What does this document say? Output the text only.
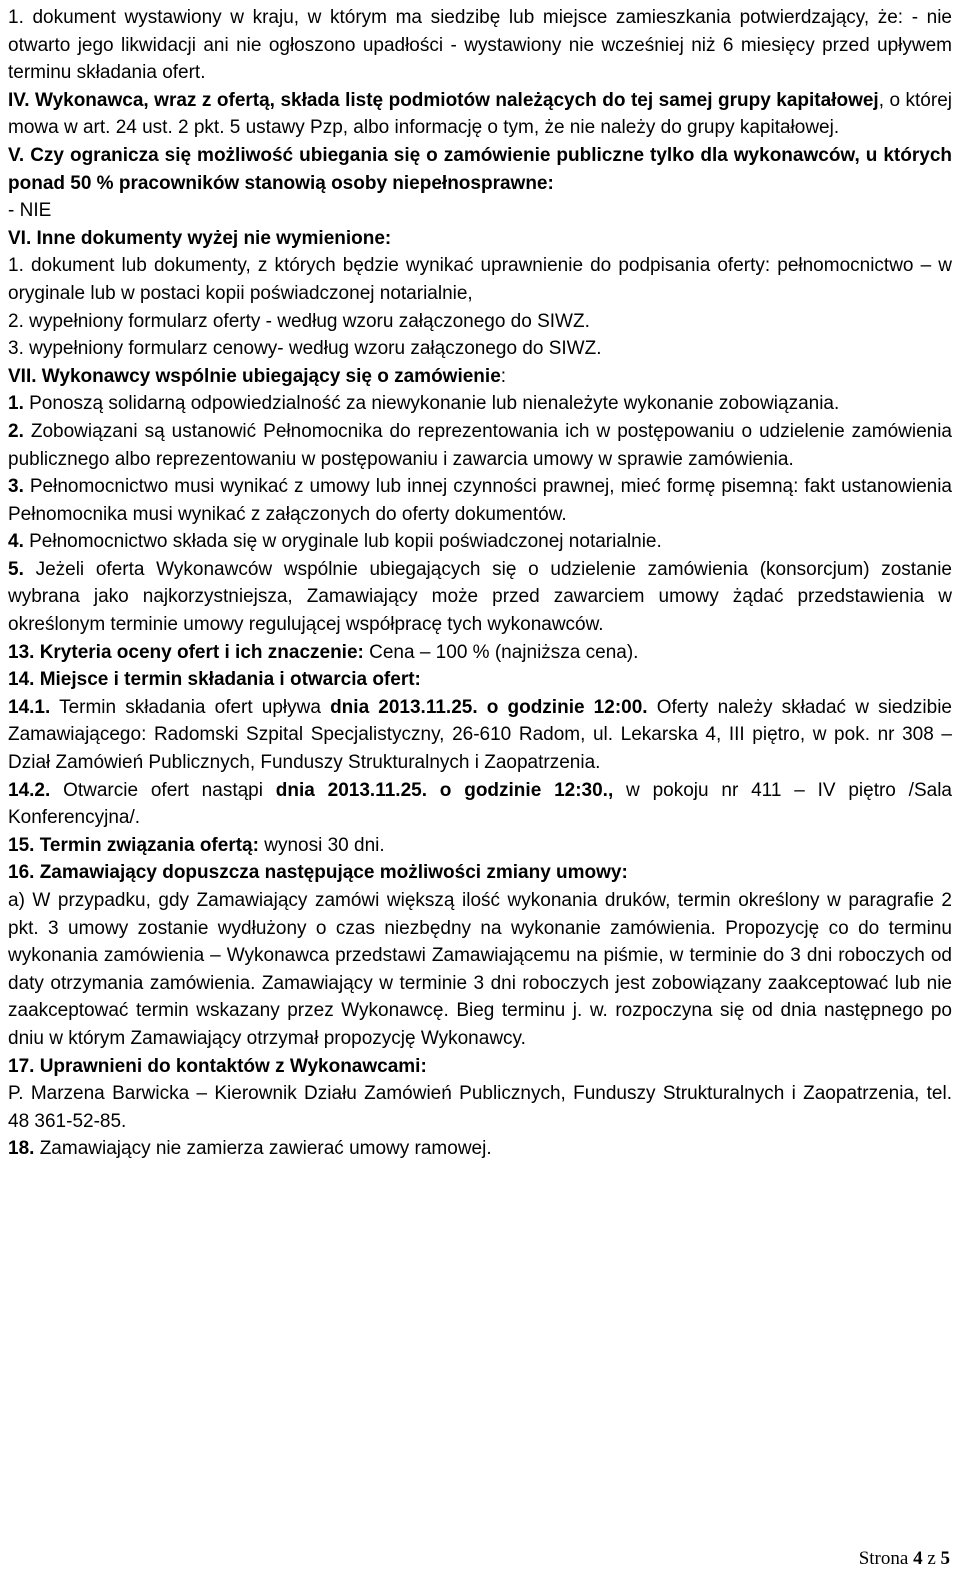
1. dokument wystawiony w kraju, w którym ma siedzibę lub miejsce zamieszkania potwierdzający, że: - nie otwarto jego likwidacji ani nie ogłoszono upadłości - wystawiony nie wcześniej niż 6 miesięcy przed upływem terminu składania ofert.

IV. Wykonawca, wraz z ofertą, składa listę podmiotów należących do tej samej grupy kapitałowej, o której mowa w art. 24 ust. 2 pkt. 5 ustawy Pzp, albo informację o tym, że nie należy do grupy kapitałowej.

V. Czy ogranicza się możliwość ubiegania się o zamówienie publiczne tylko dla wykonawców, u których ponad 50 % pracowników stanowią osoby niepełnosprawne:

- NIE

VI. Inne dokumenty wyżej nie wymienione:

1. dokument lub dokumenty, z których będzie wynikać uprawnienie do podpisania oferty: pełnomocnictwo – w oryginale lub w postaci kopii poświadczonej notarialnie,

2. wypełniony formularz oferty - według wzoru załączonego do SIWZ.

3. wypełniony formularz cenowy- według wzoru załączonego do SIWZ.

VII. Wykonawcy wspólnie ubiegający się o zamówienie:

1. Ponoszą solidarną odpowiedzialność za niewykonanie lub nienależyte wykonanie zobowiązania.

2. Zobowiązani są ustanowić Pełnomocnika do reprezentowania ich w postępowaniu o udzielenie zamówienia publicznego albo reprezentowaniu w postępowaniu i zawarcia umowy w sprawie zamówienia.

3. Pełnomocnictwo musi wynikać z umowy lub innej czynności prawnej, mieć formę pisemną: fakt ustanowienia Pełnomocnika musi wynikać z załączonych do oferty dokumentów.

4. Pełnomocnictwo składa się w oryginale lub kopii poświadczonej notarialnie.

5. Jeżeli oferta Wykonawców wspólnie ubiegających się o udzielenie zamówienia (konsorcjum) zostanie wybrana jako najkorzystniejsza, Zamawiający może przed zawarciem umowy żądać przedstawienia w określonym terminie umowy regulującej współpracę tych wykonawców.

13. Kryteria oceny ofert i ich znaczenie: Cena – 100 % (najniższa cena).

14. Miejsce i termin składania i otwarcia ofert:

14.1. Termin składania ofert upływa dnia 2013.11.25. o godzinie 12:00. Oferty należy składać w siedzibie Zamawiającego: Radomski Szpital Specjalistyczny, 26-610 Radom, ul. Lekarska 4, III piętro, w pok. nr 308 – Dział Zamówień Publicznych, Funduszy Strukturalnych i Zaopatrzenia.

14.2. Otwarcie ofert nastąpi dnia 2013.11.25. o godzinie 12:30., w pokoju nr 411 – IV piętro /Sala Konferencyjna/.

15. Termin związania ofertą: wynosi 30 dni.

16. Zamawiający dopuszcza następujące możliwości zmiany umowy:

a) W przypadku, gdy Zamawiający zamówi większą ilość wykonania druków, termin określony w paragrafie 2 pkt. 3 umowy zostanie wydłużony o czas niezbędny na wykonanie zamówienia. Propozycję co do terminu wykonania zamówienia – Wykonawca przedstawi Zamawiającemu na piśmie, w terminie do 3 dni roboczych od daty otrzymania zamówienia. Zamawiający w terminie 3 dni roboczych jest zobowiązany zaakceptować lub nie zaakceptować termin wskazany przez Wykonawcę. Bieg terminu j. w. rozpoczyna się od dnia następnego po dniu w którym Zamawiający otrzymał propozycję Wykonawcy.

17. Uprawnieni do kontaktów z Wykonawcami:

P. Marzena Barwicka – Kierownik Działu Zamówień Publicznych, Funduszy Strukturalnych i Zaopatrzenia, tel. 48 361-52-85.

18. Zamawiający nie zamierza zawierać umowy ramowej.

Strona 4 z 5
